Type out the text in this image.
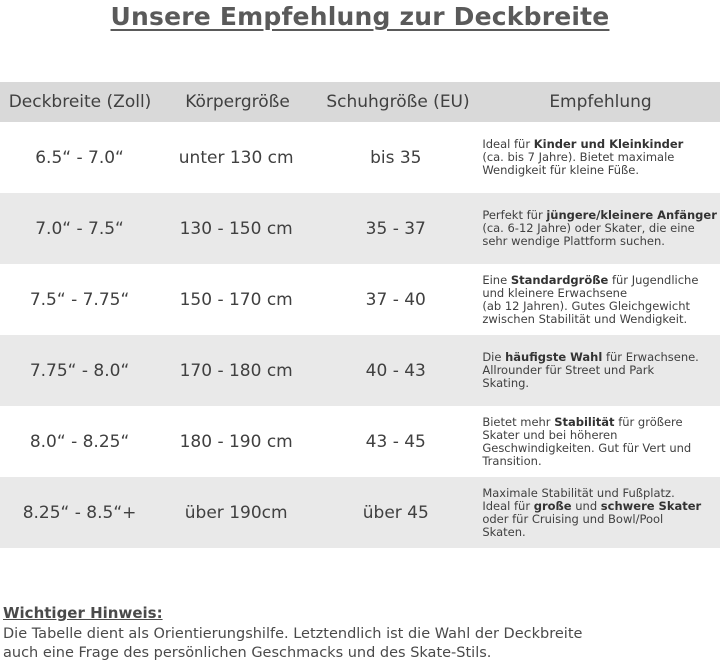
Unsere Empfehlung zur Deckbreite
Deckbreite (Zoll)	Körpergröße	Schuhgröße (EU)	Empfehlung
6.5“ - 7.0“	unter 130 cm	bis 35
Ideal für Kinder und Kleinkinder
(ca. bis 7 Jahre). Bietet maximale
Wendigkeit für kleine Füße.
7.0“ - 7.5“	130 - 150 cm	35 - 37
Perfekt für jüngere/kleinere Anfänger
(ca. 6-12 Jahre) oder Skater, die eine
sehr wendige Plattform suchen.
7.5“ - 7.75“	150 - 170 cm	37 - 40
Eine Standardgröße für Jugendliche
und kleinere Erwachsene
(ab 12 Jahren). Gutes Gleichgewicht
zwischen Stabilität und Wendigkeit.
7.75“ - 8.0“	170 - 180 cm	40 - 43
Die häufigste Wahl für Erwachsene.
Allrounder für Street und Park
Skating.
8.0“ - 8.25“	180 - 190 cm	43 - 45
Bietet mehr Stabilität für größere
Skater und bei höheren
Geschwindigkeiten. Gut für Vert und
Transition.
8.25“ - 8.5“+	über 190cm	über 45
Maximale Stabilität und Fußplatz.
Ideal für große und schwere Skater
oder für Cruising und Bowl/Pool
Skaten.
Wichtiger Hinweis:
Die Tabelle dient als Orientierungshilfe. Letztendlich ist die Wahl der Deckbreite
auch eine Frage des persönlichen Geschmacks und des Skate-Stils.
